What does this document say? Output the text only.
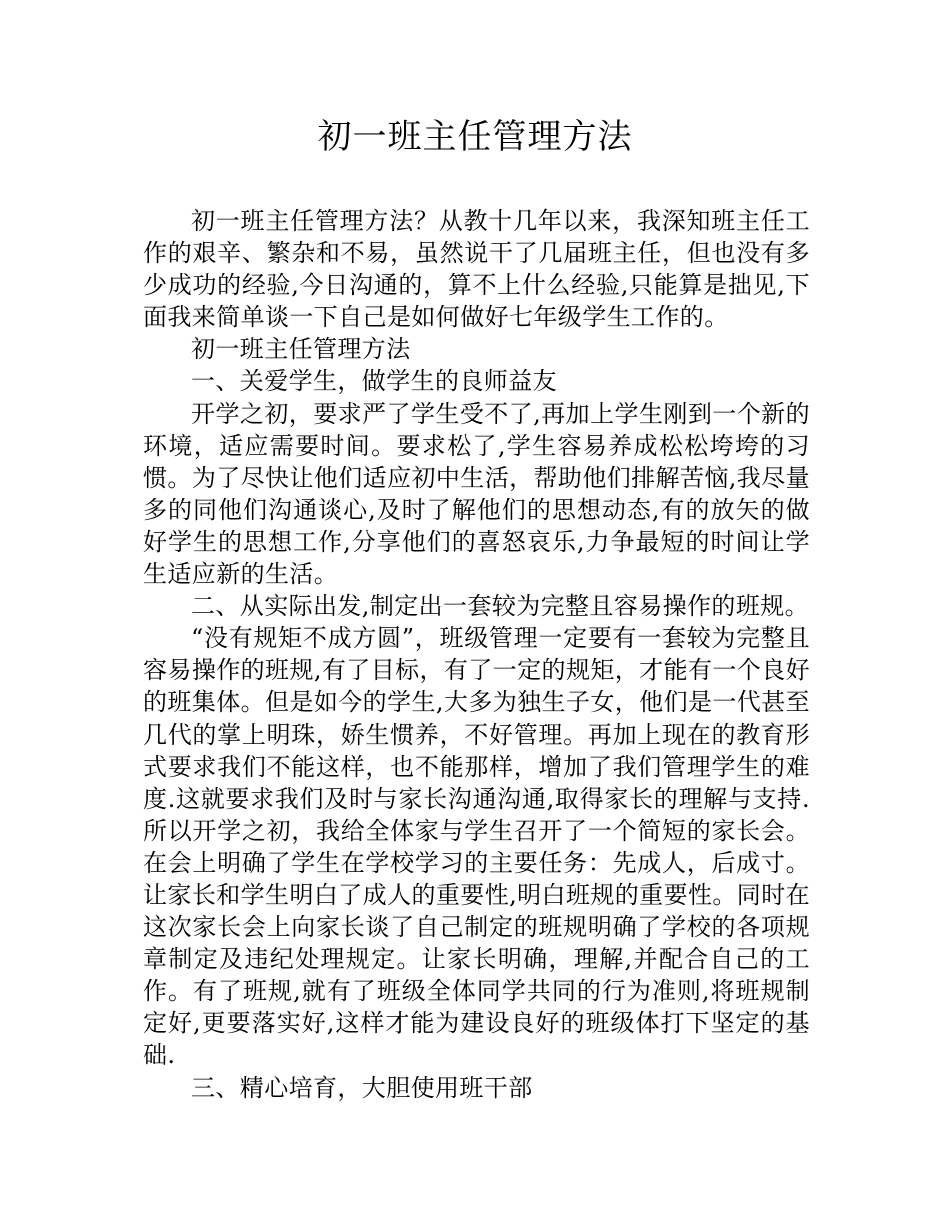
初一班主任管理方法

初一班主任管理方法？从教十几年以来，我深知班主任工作的艰辛、繁杂和不易，虽然说干了几届班主任，但也没有多少成功的经验,今日沟通的，算不上什么经验,只能算是拙见,下面我来简单谈一下自己是如何做好七年级学生工作的。

初一班主任管理方法

一、关爱学生，做学生的良师益友

开学之初，要求严了学生受不了,再加上学生刚到一个新的环境，适应需要时间。要求松了,学生容易养成松松垮垮的习惯。为了尽快让他们适应初中生活，帮助他们排解苦恼,我尽量多的同他们沟通谈心,及时了解他们的思想动态,有的放矢的做好学生的思想工作,分享他们的喜怒哀乐,力争最短的时间让学生适应新的生活。

二、从实际出发,制定出一套较为完整且容易操作的班规。

“没有规矩不成方圆”，班级管理一定要有一套较为完整且容易操作的班规,有了目标，有了一定的规矩，才能有一个良好的班集体。但是如今的学生,大多为独生子女，他们是一代甚至几代的掌上明珠，娇生惯养，不好管理。再加上现在的教育形式要求我们不能这样，也不能那样，增加了我们管理学生的难度.这就要求我们及时与家长沟通沟通,取得家长的理解与支持.所以开学之初，我给全体家与学生召开了一个简短的家长会。在会上明确了学生在学校学习的主要任务：先成人，后成寸。让家长和学生明白了成人的重要性,明白班规的重要性。同时在这次家长会上向家长谈了自己制定的班规明确了学校的各项规章制定及违纪处理规定。让家长明确，理解,并配合自己的工作。有了班规,就有了班级全体同学共同的行为准则,将班规制定好,更要落实好,这样才能为建设良好的班级体打下坚定的基础.

三、精心培育，大胆使用班干部
